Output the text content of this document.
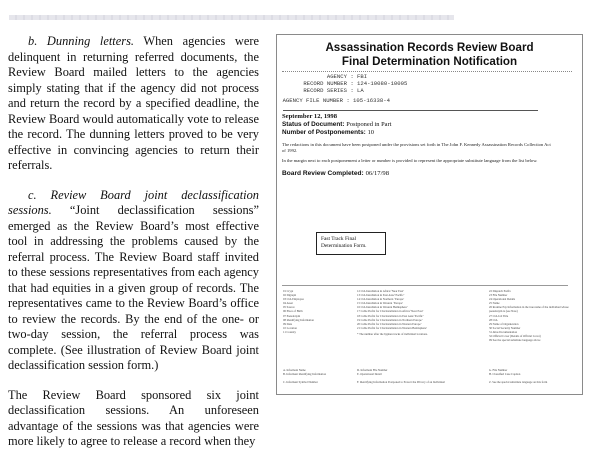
b. Dunning letters. When agencies were delinquent in returning referred documents, the Review Board mailed letters to the agencies simply stating that if the agency did not process and return the record by a specified deadline, the Review Board would automatically vote to release the record. The dunning letters proved to be very effective in convincing agencies to return their referrals.

c. Review Board joint declassification sessions. “Joint declassification sessions” emerged as the Review Board’s most effective tool in addressing the problems caused by the referral process. The Review Board staff invited to these sessions representatives from each agency that had equities in a given group of records. The representatives came to the Review Board’s office to review the records. By the end of the one- or two-day session, the referral process was complete. (See illustration of Review Board joint declassification session form.)

The Review Board sponsored six joint declassification sessions. An unforeseen advantage of the sessions was that agencies were more likely to agree to release a record when they

Assassination Records Review Board
Final Determination Notification
AGENCY : FBI
RECORD NUMBER : 124-10080-10005
RECORD SERIES : LA
AGENCY FILE NUMBER : 105-16338-4
September 12, 1998
Status of Document: Postponed in Part
Number of Postponements: 10
The redactions in this document have been postponed under the provisions set forth in The John F. Kennedy Assassination Records Collection Act of 1992.
In the margin next to each postponement a letter or number is provided to represent the appropriate substitute language from the list below.
Board Review Completed: 06/17/98
Fast Track Final
Determination Form.
01 Crypt
02 Digraph
03 CIA Employee
04 Asset
05 Source
06 Place of Birth
07 Pseudonym
08 Identifying Information
09 Date
10 Location
11 Country
12 CIA Installation in Africa/‘Near East’
13 CIA Installation in East Asia/‘Pacific’
14 CIA Installation in Northern ‘Europe’
15 CIA Installation in Western ‘Europe’
16 CIA Installation in Western Hemisphere’
17 Cable Prefix for CIA Installation in Africa/‘Near East’
18 Cable Prefix for CIA Installation in East Asia/‘Pacific’
19 Cable Prefix for CIA Installation in Northern Europe’
20 Cable Prefix for CIA Installation in Western Europe’
21 Cable Prefix for CIA Installation in Western Hemisphere’
* The number after the hyphen tracks of individual locations.
22 Dispatch Prefix
23 File Number
24 Operational Details
25 Name
26 Routine Pay Information in the true name of the individual whose pseudonym is (see Note)
27 CIA Job Title
28 CIA
29 Name of Organization
30 Social Security Number
31 Alias Documentation
32 Official Cover (Details of Official Cover)
99 See the special substitute language above
A. Informant Name
B. Informant Identifying Information
C. Informant Symbol Number
D. Informant File Number
E. Operational Detail
F. Identifying Information Postponed to Protect the Privacy of an Individual
G. File Number
H. Classified Case Caption
Z. See the special substitute language on this form
